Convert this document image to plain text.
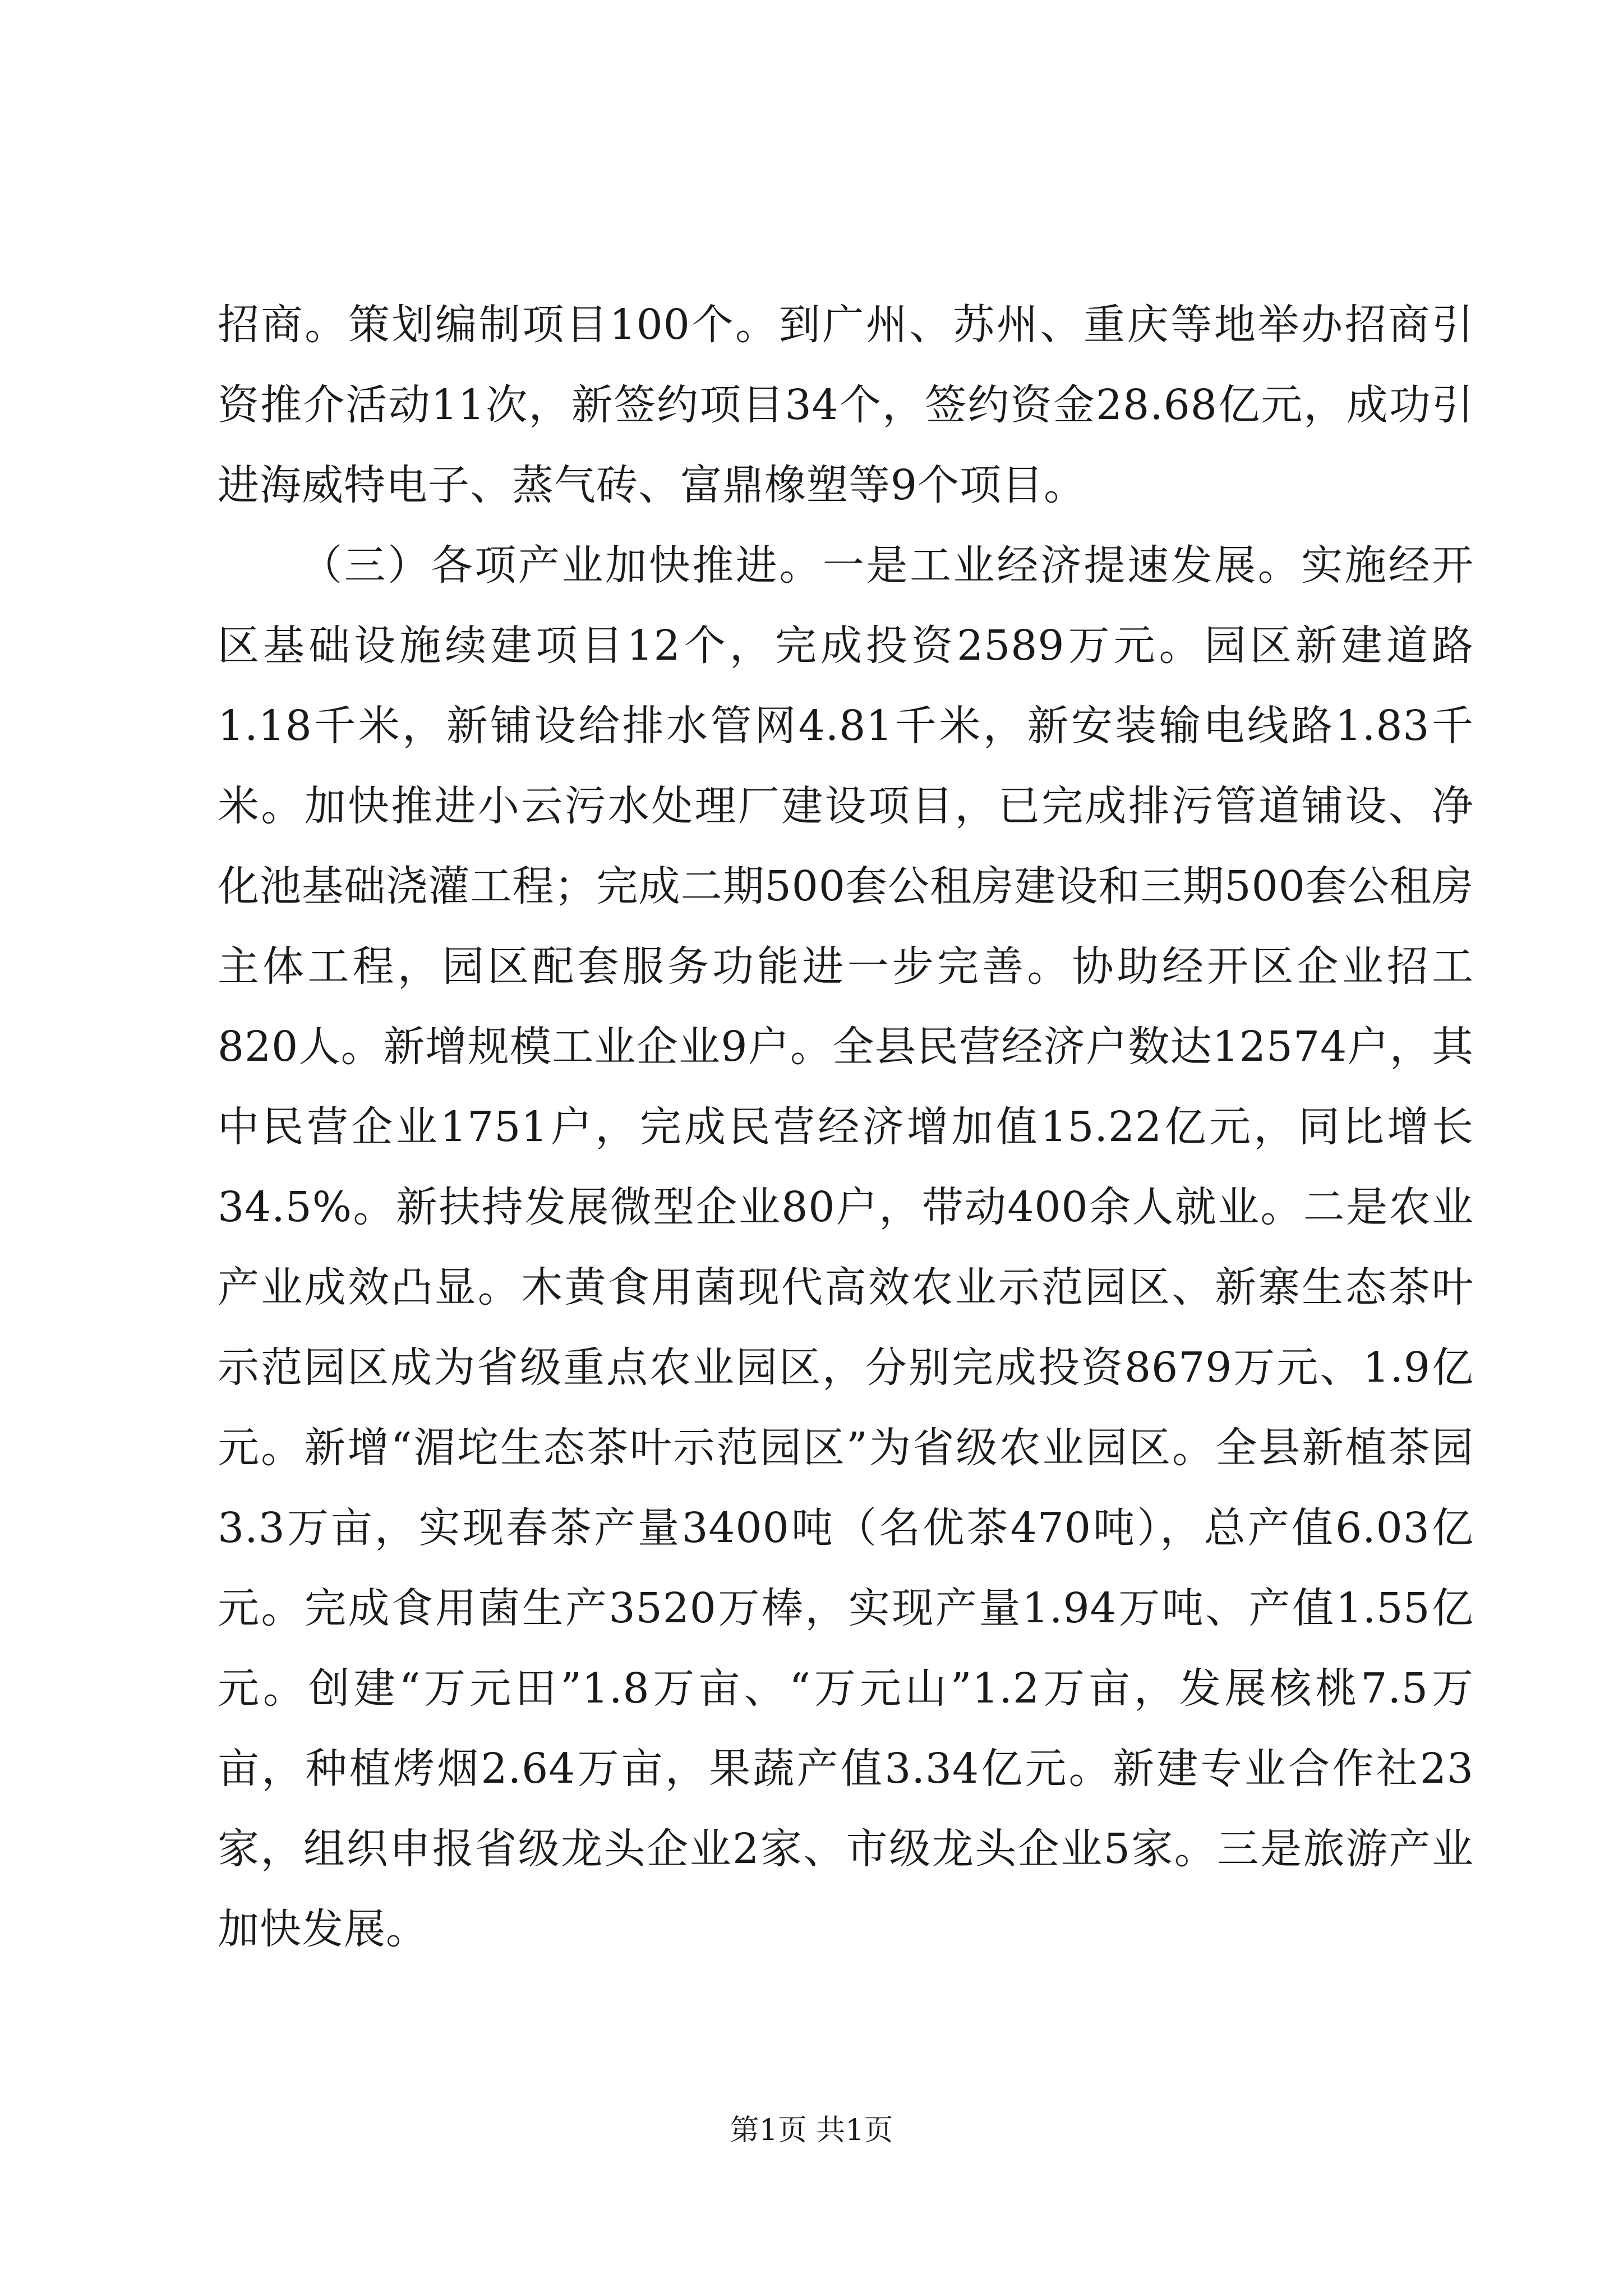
招商。策划编制项目100个。到广州、苏州、重庆等地举办招商引资推介活动11次，新签约项目34个，签约资金28.68亿元，成功引进海威特电子、蒸气砖、富鼎橡塑等9个项目。

（三）各项产业加快推进。一是工业经济提速发展。实施经开区基础设施续建项目12个，完成投资2589万元。园区新建道路1.18千米，新铺设给排水管网4.81千米，新安装输电线路1.83千米。加快推进小云污水处理厂建设项目，已完成排污管道铺设、净化池基础浇灌工程；完成二期500套公租房建设和三期500套公租房主体工程，园区配套服务功能进一步完善。协助经开区企业招工820人。新增规模工业企业9户。全县民营经济户数达12574户，其中民营企业1751户，完成民营经济增加值15.22亿元，同比增长34.5%。新扶持发展微型企业80户，带动400余人就业。二是农业产业成效凸显。木黄食用菌现代高效农业示范园区、新寨生态茶叶示范园区成为省级重点农业园区，分别完成投资8679万元、1.9亿元。新增“湄坨生态茶叶示范园区”为省级农业园区。全县新植茶园3.3万亩，实现春茶产量3400吨（名优茶470吨），总产值6.03亿元。完成食用菌生产3520万棒，实现产量1.94万吨、产值1.55亿元。创建“万元田”1.8万亩、“万元山”1.2万亩，发展核桃7.5万亩，种植烤烟2.64万亩，果蔬产值3.34亿元。新建专业合作社23家，组织申报省级龙头企业2家、市级龙头企业5家。三是旅游产业加快发展。

第1页 共1页
